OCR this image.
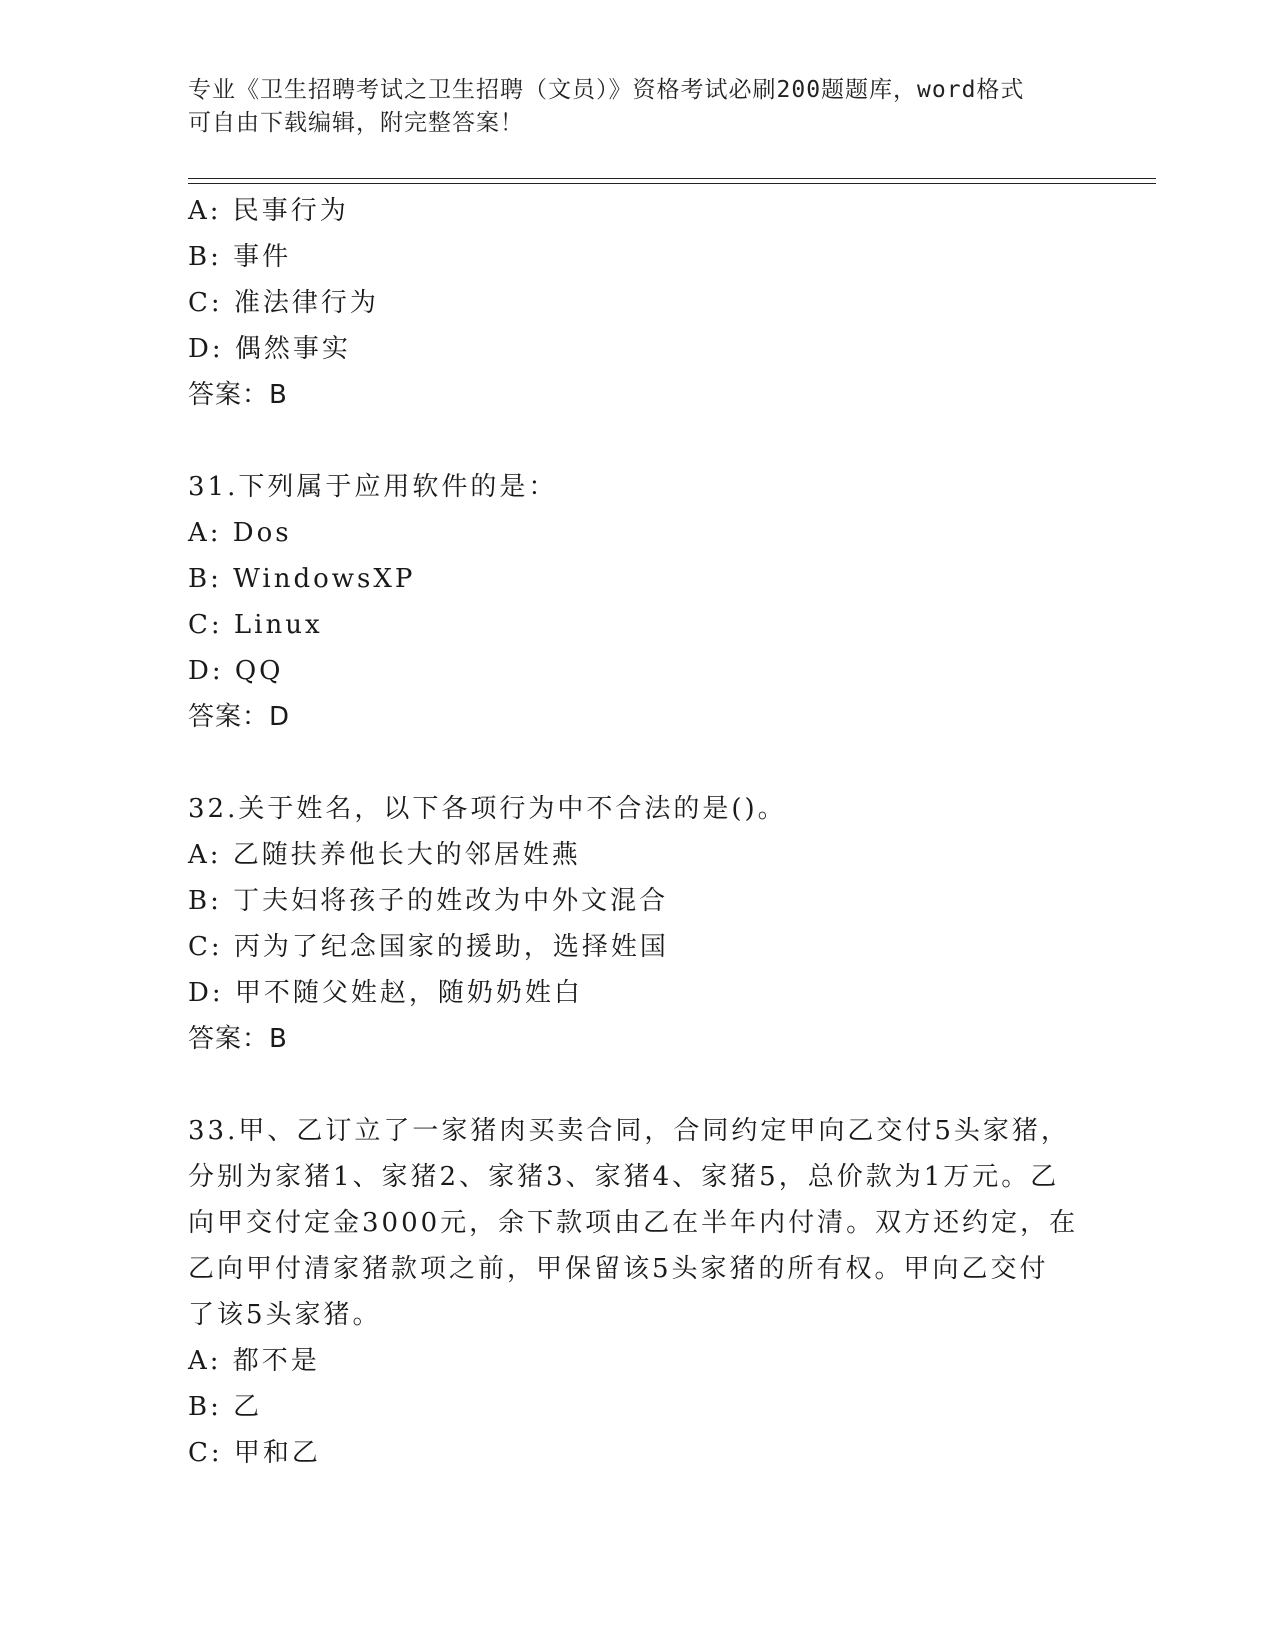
专业《卫生招聘考试之卫生招聘（文员）》资格考试必刷200题题库，word格式
可自由下载编辑，附完整答案！
A: 民事行为
B: 事件
C: 准法律行为
D: 偶然事实
答案：B
31.下列属于应用软件的是：
A: Dos
B: WindowsXP
C: Linux
D: QQ
答案：D
32.关于姓名，以下各项行为中不合法的是()。
A: 乙随扶养他长大的邻居姓燕
B: 丁夫妇将孩子的姓改为中外文混合
C: 丙为了纪念国家的援助，选择姓国
D: 甲不随父姓赵，随奶奶姓白
答案：B
33.甲、乙订立了一家猪肉买卖合同，合同约定甲向乙交付5头家猪，
分别为家猪1、家猪2、家猪3、家猪4、家猪5，总价款为1万元。乙
向甲交付定金3000元，余下款项由乙在半年内付清。双方还约定，在
乙向甲付清家猪款项之前，甲保留该5头家猪的所有权。甲向乙交付
了该5头家猪。
A: 都不是
B: 乙
C: 甲和乙
